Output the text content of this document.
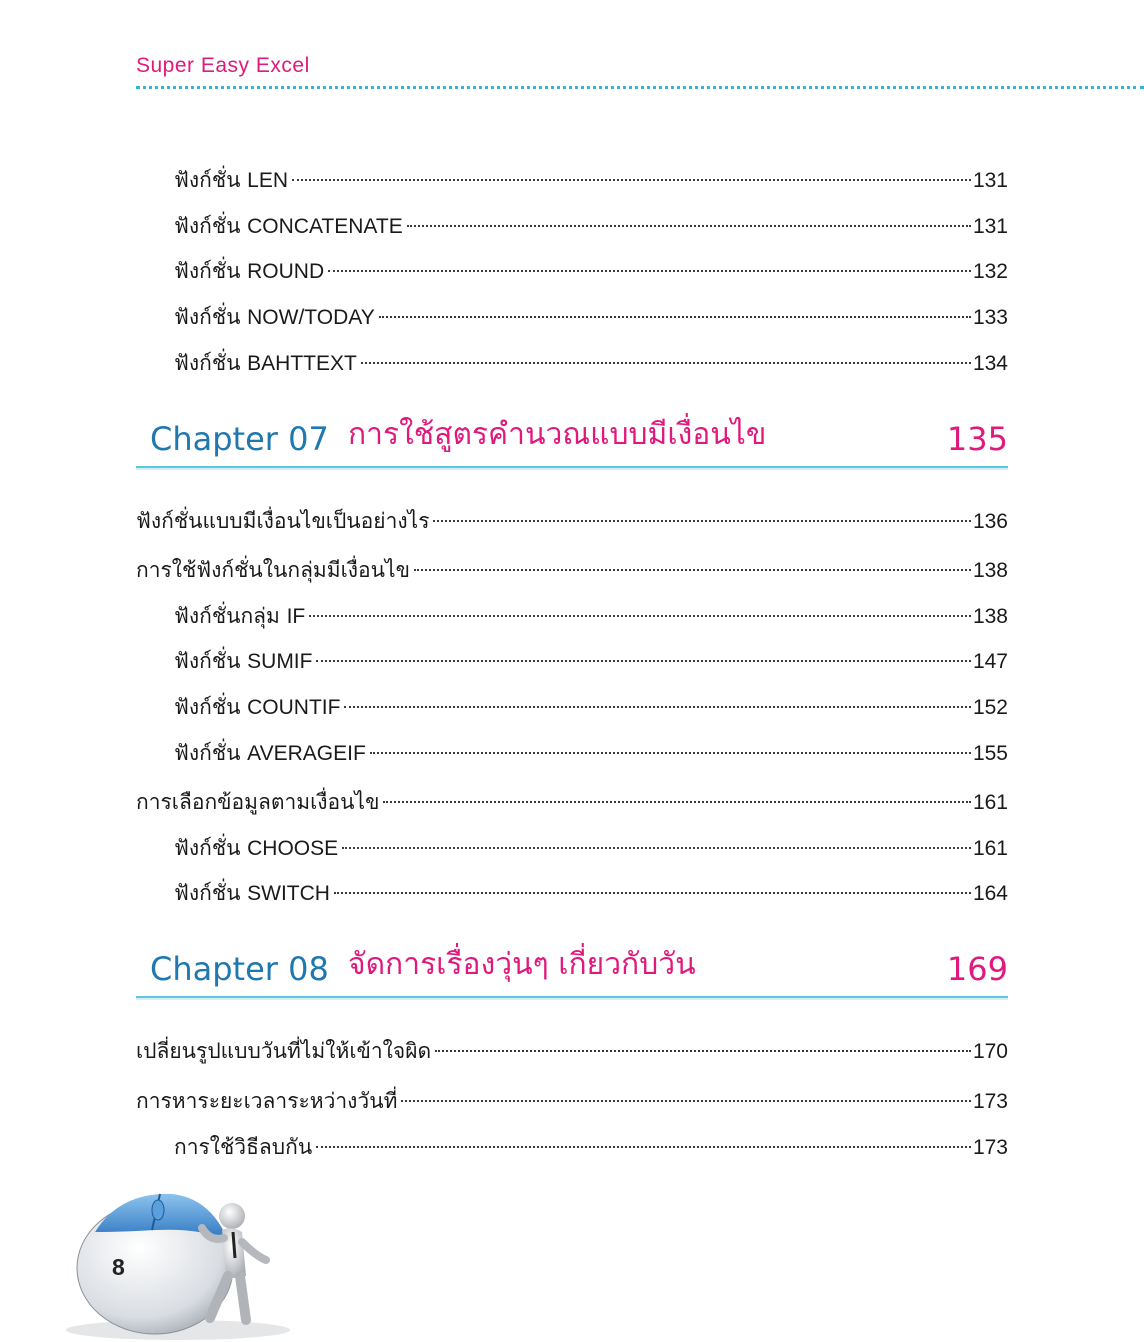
Super Easy Excel
ฟังก์ชั่น LEN	131
ฟังก์ชั่น CONCATENATE	131
ฟังก์ชั่น ROUND	132
ฟังก์ชั่น NOW/TODAY	133
ฟังก์ชั่น BAHTTEXT	134
Chapter 07 การใช้สูตรคำนวณแบบมีเงื่อนไข	135
ฟังก์ชั่นแบบมีเงื่อนไขเป็นอย่างไร	136
การใช้ฟังก์ชั่นในกลุ่มมีเงื่อนไข	138
ฟังก์ชั่นกลุ่ม IF	138
ฟังก์ชั่น SUMIF	147
ฟังก์ชั่น COUNTIF	152
ฟังก์ชั่น AVERAGEIF	155
การเลือกข้อมูลตามเงื่อนไข	161
ฟังก์ชั่น CHOOSE	161
ฟังก์ชั่น SWITCH	164
Chapter 08 จัดการเรื่องวุ่นๆ เกี่ยวกับวัน	169
เปลี่ยนรูปแบบวันที่ไม่ให้เข้าใจผิด	170
การหาระยะเวลาระหว่างวันที่	173
การใช้วิธีลบกัน	173
8
